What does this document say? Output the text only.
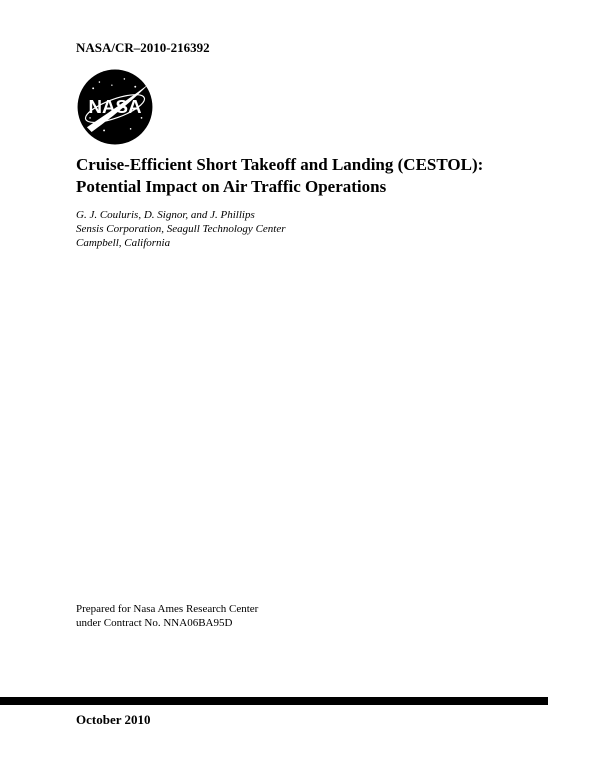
NASA/CR–2010-216392
NASA
Cruise-Efficient Short Takeoff and Landing (CESTOL):
Potential Impact on Air Traffic Operations
G. J. Couluris, D. Signor, and J. Phillips
Sensis Corporation, Seagull Technology Center
Campbell, California
Prepared for Nasa Ames Research Center
under Contract No. NNA06BA95D
October 2010
